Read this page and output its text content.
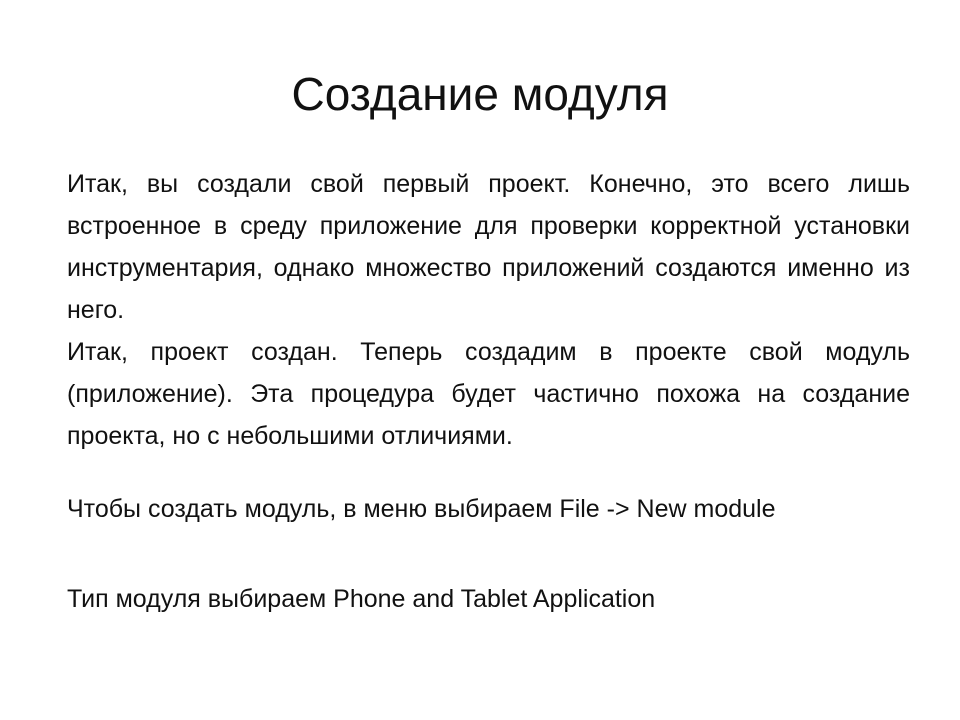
Создание модуля

Итак, вы создали свой первый проект. Конечно, это всего лишь встроенное в среду приложение для проверки корректной установки инструментария, однако множество приложений создаются именно из него.

Итак, проект создан. Теперь создадим в проекте свой модуль (приложение). Эта процедура будет частично похожа на создание проекта, но с небольшими отличиями.

Чтобы создать модуль, в меню выбираем File -> New module

Тип модуля выбираем Phone and Tablet Application
